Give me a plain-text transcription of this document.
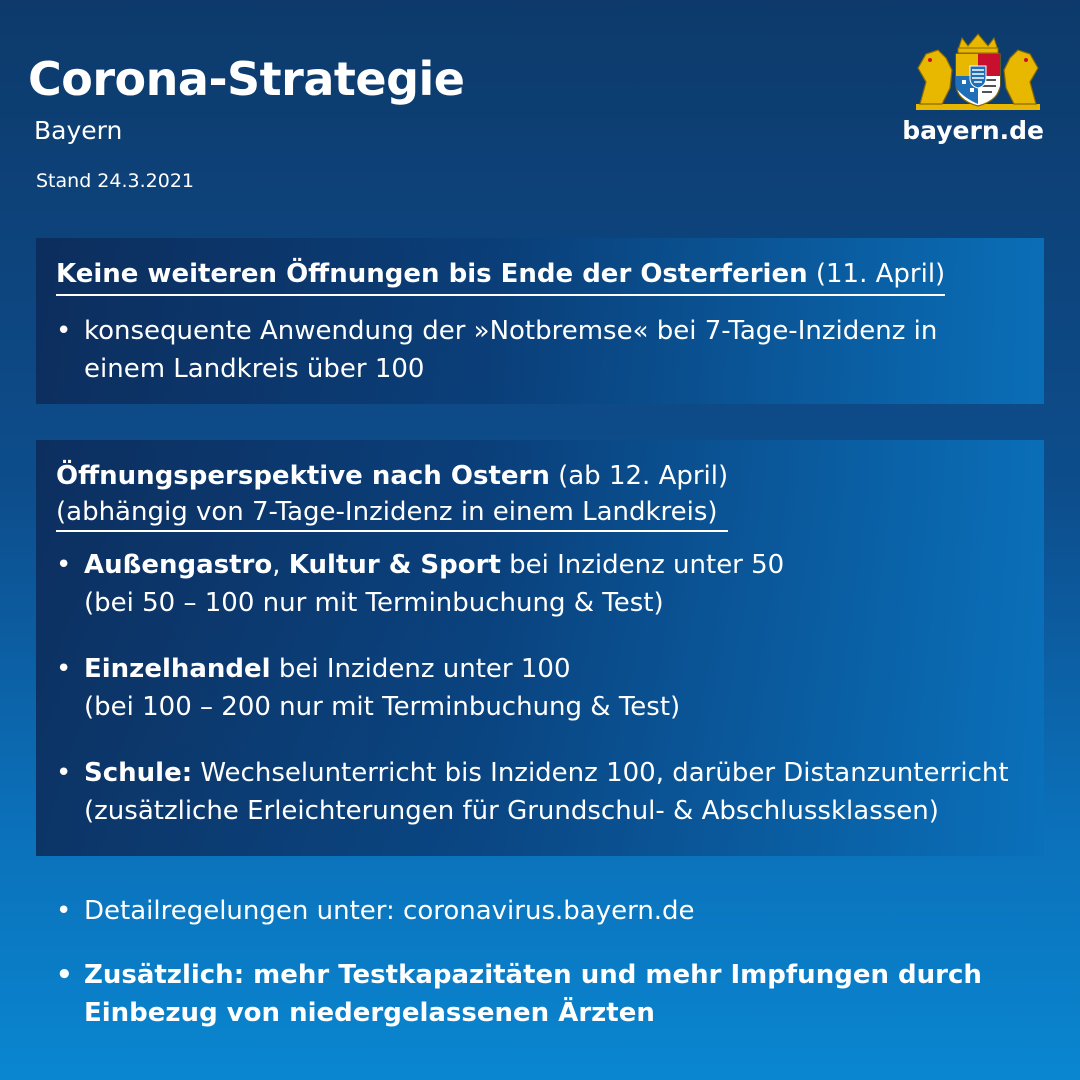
Corona-Strategie
Bayern
Stand 24.3.2021
bayern.de
Keine weiteren Öffnungen bis Ende der Osterferien (11. April)
• konsequente Anwendung der »Notbremse« bei 7-Tage-Inzidenz in
einem Landkreis über 100
Öffnungsperspektive nach Ostern (ab 12. April)
(abhängig von 7-Tage-Inzidenz in einem Landkreis)
• Außengastro, Kultur & Sport bei Inzidenz unter 50
(bei 50 – 100 nur mit Terminbuchung & Test)
• Einzelhandel bei Inzidenz unter 100
(bei 100 – 200 nur mit Terminbuchung & Test)
• Schule: Wechselunterricht bis Inzidenz 100, darüber Distanzunterricht
(zusätzliche Erleichterungen für Grundschul- & Abschlussklassen)
• Detailregelungen unter: coronavirus.bayern.de
• Zusätzlich: mehr Testkapazitäten und mehr Impfungen durch
Einbezug von niedergelassenen Ärzten
